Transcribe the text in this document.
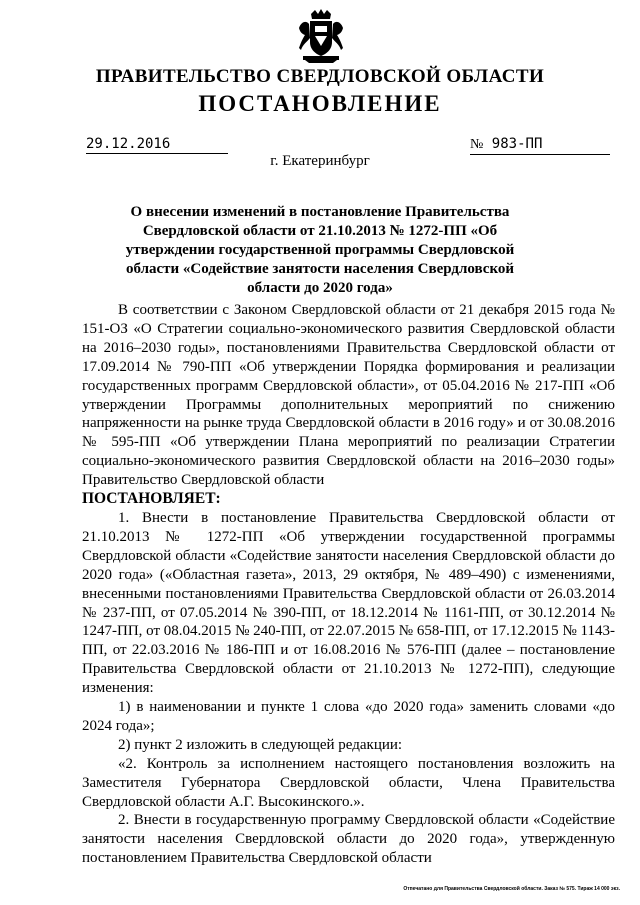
ПРАВИТЕЛЬСТВО СВЕРДЛОВСКОЙ ОБЛАСТИ
ПОСТАНОВЛЕНИЕ
29.12.2016	№ 983-ПП
г. Екатеринбург
О внесении изменений в постановление Правительства Свердловской области от 21.10.2013 № 1272-ПП «Об утверждении государственной программы Свердловской области «Содействие занятости населения Свердловской области до 2020 года»

В соответствии с Законом Свердловской области от 21 декабря 2015 года № 151-ОЗ «О Стратегии социально-экономического развития Свердловской области на 2016–2030 годы», постановлениями Правительства Свердловской области от 17.09.2014 № 790-ПП «Об утверждении Порядка формирования и реализации государственных программ Свердловской области», от 05.04.2016 № 217-ПП «Об утверждении Программы дополнительных мероприятий по снижению напряженности на рынке труда Свердловской области в 2016 году» и от 30.08.2016 № 595-ПП «Об утверждении Плана мероприятий по реализации Стратегии социально-экономического развития Свердловской области на 2016–2030 годы» Правительство Свердловской области

ПОСТАНОВЛЯЕТ:

1. Внести в постановление Правительства Свердловской области от 21.10.2013 № 1272-ПП «Об утверждении государственной программы Свердловской области «Содействие занятости населения Свердловской области до 2020 года» («Областная газета», 2013, 29 октября, № 489–490) с изменениями, внесенными постановлениями Правительства Свердловской области от 26.03.2014 № 237-ПП, от 07.05.2014 № 390-ПП, от 18.12.2014 № 1161-ПП, от 30.12.2014 № 1247-ПП, от 08.04.2015 № 240-ПП, от 22.07.2015 № 658-ПП, от 17.12.2015 № 1143-ПП, от 22.03.2016 № 186-ПП и от 16.08.2016 № 576-ПП (далее – постановление Правительства Свердловской области от 21.10.2013 № 1272-ПП), следующие изменения:

1) в наименовании и пункте 1 слова «до 2020 года» заменить словами «до 2024 года»;

2) пункт 2 изложить в следующей редакции:

«2. Контроль за исполнением настоящего постановления возложить на Заместителя Губернатора Свердловской области, Члена Правительства Свердловской области А.Г. Высокинского.».

2. Внести в государственную программу Свердловской области «Содействие занятости населения Свердловской области до 2020 года», утвержденную постановлением Правительства Свердловской области

Отпечатано для Правительства Свердловской области. Заказ № 575. Тираж 14 000 экз.
